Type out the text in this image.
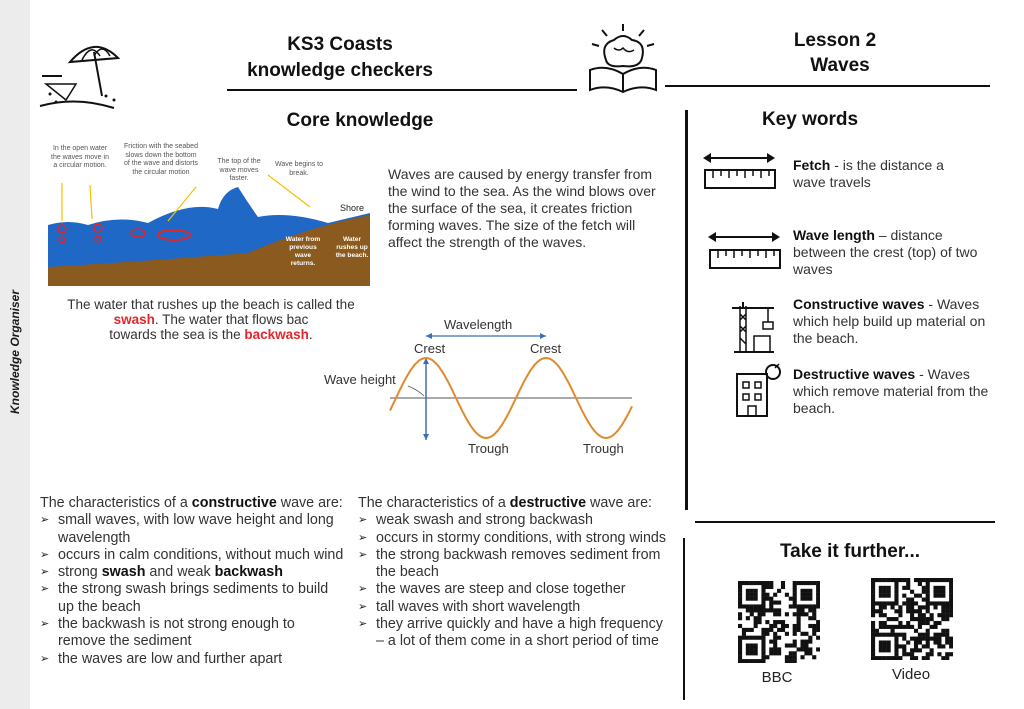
Knowledge Organiser
KS3 Coasts
knowledge checkers
Lesson 2
Waves
Core knowledge
In the open water the waves move in a circular motion.
Friction with the seabed slows down the bottom of the wave and distorts the circular motion
The top of the wave moves faster.
Wave begins to break.
Shore
Water from previous wave returns.
Water rushes up the beach.
Waves are caused by energy transfer from the wind to the sea. As the wind blows over the surface of the sea, it creates friction forming waves. The size of the fetch will affect the strength of the waves.
The water that rushes up the beach is called the swash. The water that flows bac
towards the sea is the backwash.
Wavelength
Crest	Crest
Wave height
Trough	Trough
The characteristics of a constructive wave are:
➢ small waves, with low wave height and long wavelength
➢ occurs in calm conditions, without much wind
➢ strong swash and weak backwash
➢ the strong swash brings sediments to build up the beach
➢ the backwash is not strong enough to remove the sediment
➢ the waves are low and further apart
The characteristics of a destructive wave are:
➢ weak swash and strong backwash
➢ occurs in stormy conditions, with strong winds
➢ the strong backwash removes sediment from the beach
➢ the waves are steep and close together
➢ tall waves with short wavelength
➢ they arrive quickly and have a high frequency – a lot of them come in a short period of time
Key words
Fetch - is the distance a wave travels
Wave length – distance between the crest (top) of two waves
Constructive waves - Waves which help build up material on the beach.
Destructive waves - Waves which remove material from the beach.
Take it further...
BBC	Video
